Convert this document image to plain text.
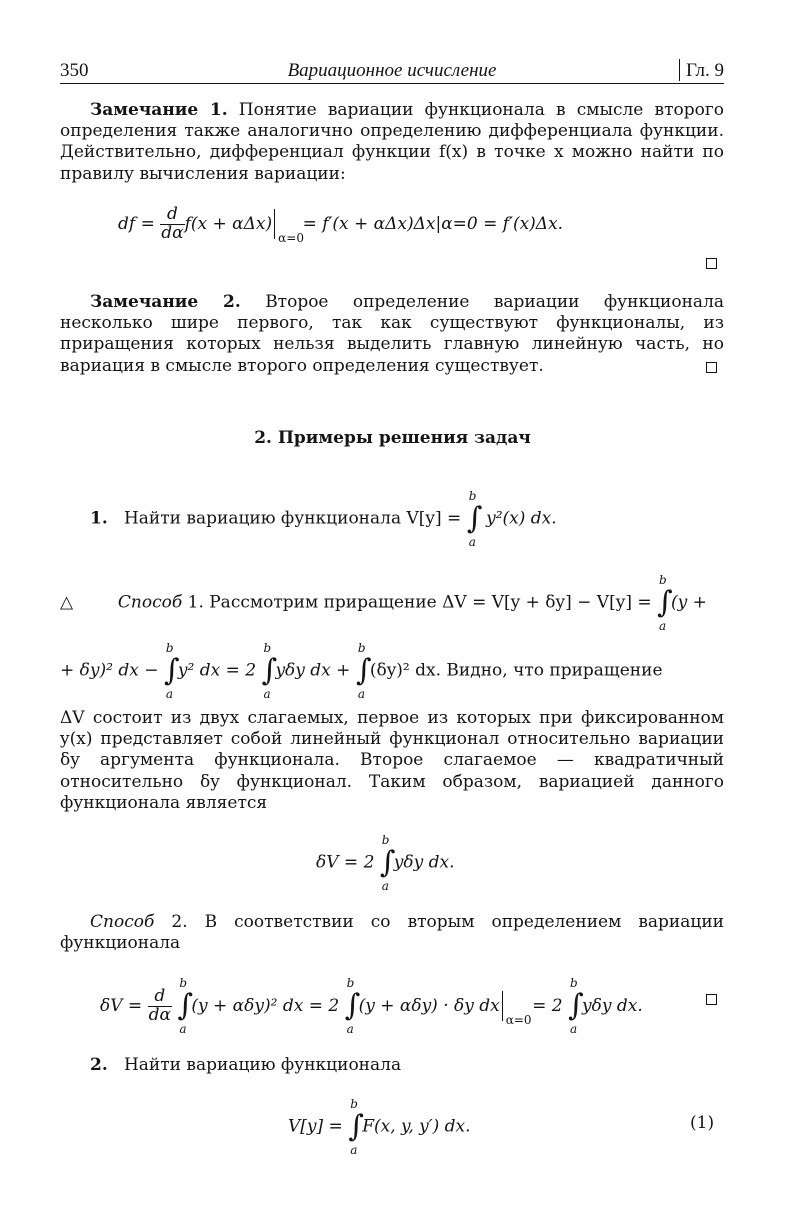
350	Вариационное исчисление	Гл. 9

Замечание 1. Понятие вариации функционала в смысле второго определения также аналогично определению дифференциала функции. Действительно, дифференциал функции f(x) в точке x можно найти по правилу вычисления вариации:

df = $\frac{d}{d\alpha} f(x + \alpha\Delta x)$
α=0
= f′(x + αΔx)Δx|α=0 = f′(x)Δx.

Замечание 2. Второе определение вариации функционала несколько шире первого, так как существуют функционалы, из приращения которых нельзя выделить главную линейную часть, но вариация в смысле второго определения существует.

2. Примеры решения задач
1. Найти вариацию функционала V[y] = ∫
b
a
y²(x) dx.
△	Способ 1. Рассмотрим приращение ΔV = V[y + δy] − V[y] = ∫
b
a
(y +
+ δy)² dx − ∫
b
a
y² dx = 2 ∫
b
a
yδy dx + ∫
b
a
(δy)² dx. Видно, что приращение

ΔV состоит из двух слагаемых, первое из которых при фиксированном y(x) представляет собой линейный функционал относительно вариации δy аргумента функционала. Второе слагаемое — квадратичный относительно δy функционал. Таким образом, вариацией данного функционала является

δV = 2 ∫
b
a
yδy dx.

Способ 2. В соответствии со вторым определением вариации функционала

$\delta V = \frac{d}{d\alpha}$ ∫
b
a
(y + αδy)² dx = 2 ∫
b
a
(y + αδy) · δy dx
α=0
= 2 ∫
b
a
yδy dx.
2. Найти вариацию функционала
V[y] = ∫
b
a
F(x, y, y′) dx.	(1)
